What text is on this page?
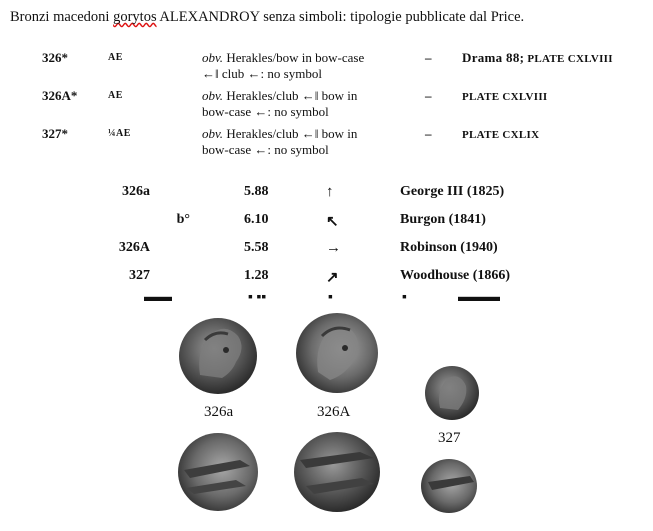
Bronzi macedoni gorytos ALEXANDROY senza simboli: tipologie pubblicate dal Price.
326*	AE	obv. Herakles/bow in bow-case
←‖ club ←: no symbol
– Drama 88; PLATE CXLVIII
326A*	AE	obv. Herakles/club ←‖ bow in
bow-case ←: no symbol
–	PLATE CXLVIII
327*	¼AE	obv. Herakles/club ←‖ bow in
bow-case ←: no symbol
–	PLATE CXLIX
326a	5.88	↑	George III (1825)
b°	6.10	↖	Burgon (1841)
326A	5.58	→	Robinson (1940)
327	1.28	↗	Woodhouse (1866)
▬▬	▪ ▪▪	▪	▪	▬▬▬
326a	326A
327
